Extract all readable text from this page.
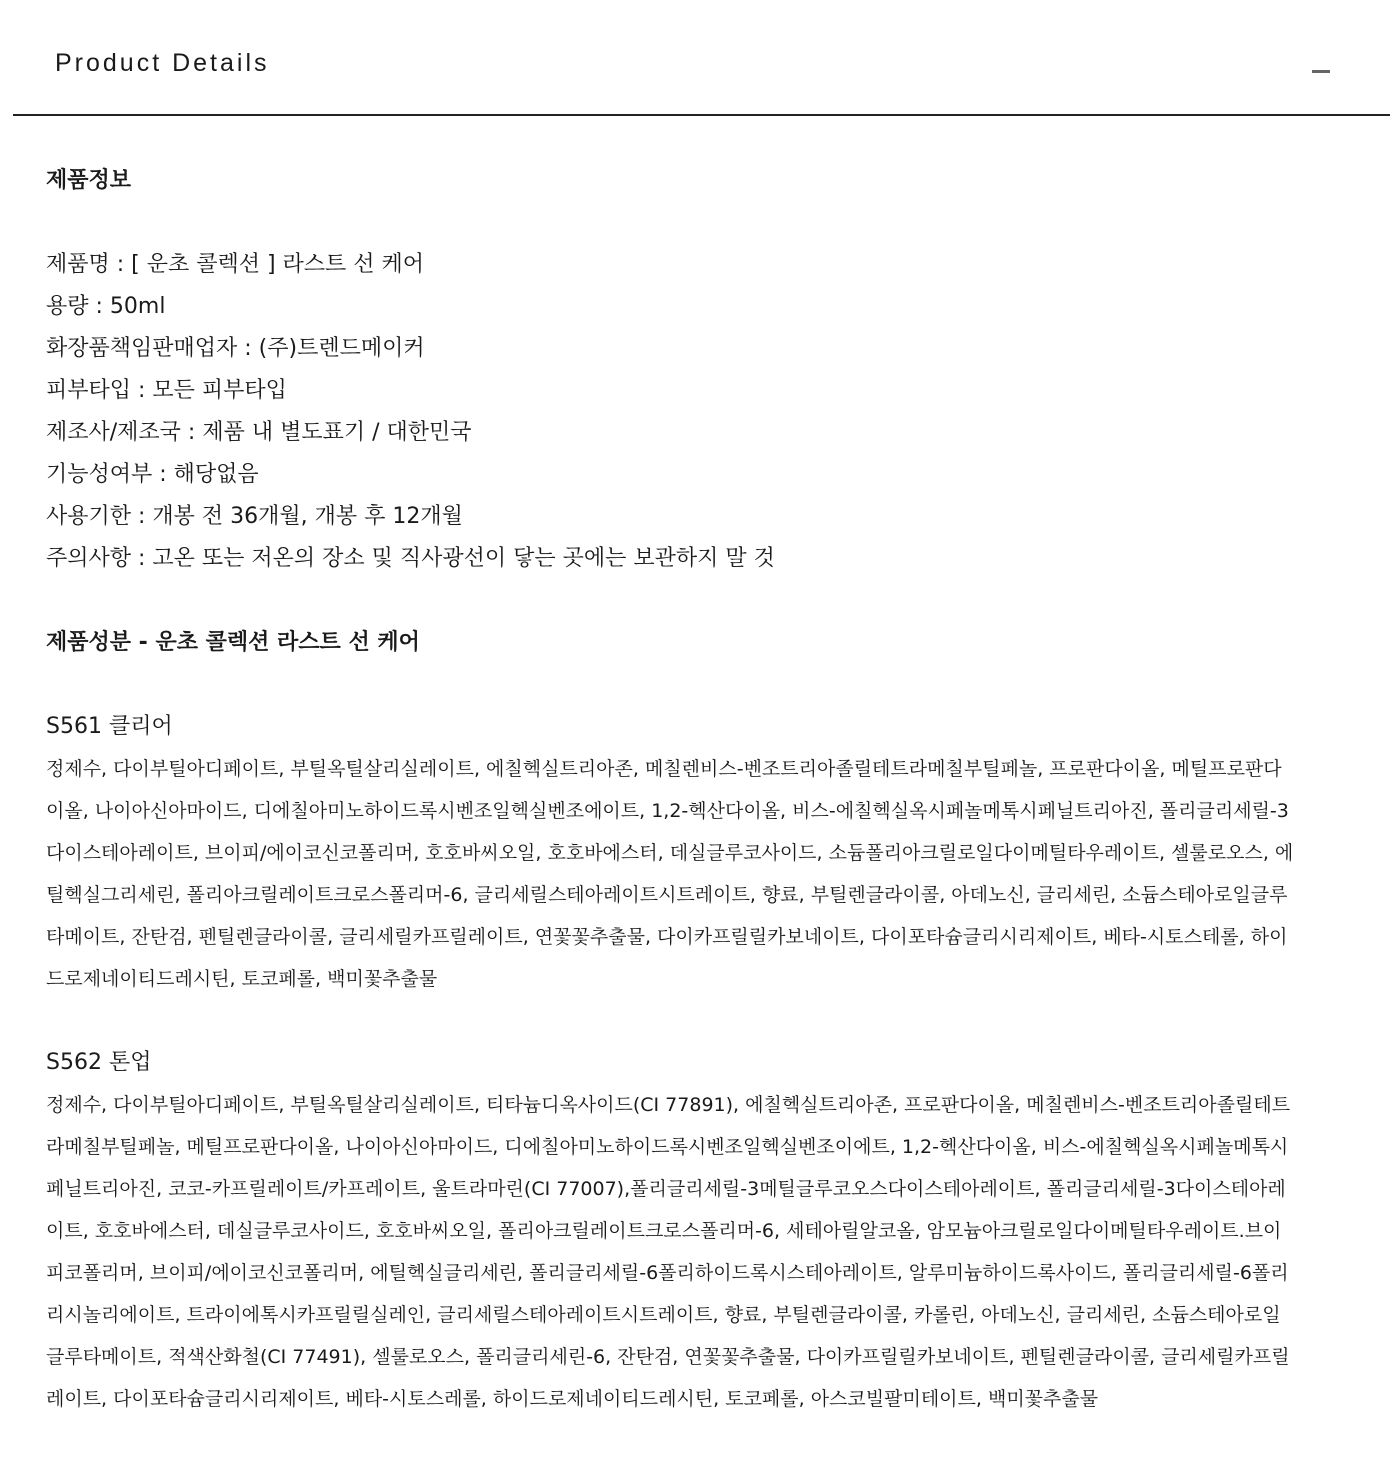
Product Details
제품정보
제품명 : [ 운초 콜렉션 ] 라스트 선 케어
용량 : 50ml
화장품책임판매업자 : (주)트렌드메이커
피부타입 : 모든 피부타입
제조사/제조국 : 제품 내 별도표기 / 대한민국
기능성여부 : 해당없음
사용기한 : 개봉 전 36개월, 개봉 후 12개월
주의사항 : 고온 또는 저온의 장소 및 직사광선이 닿는 곳에는 보관하지 말 것
제품성분 - 운초 콜렉션 라스트 선 케어
S561 클리어

정제수, 다이부틸아디페이트, 부틸옥틸살리실레이트, 에칠헥실트리아존, 메칠렌비스-벤조트리아졸릴테트라메칠부틸페놀, 프로판다이올, 메틸프로판다이올, 나이아신아마이드, 디에칠아미노하이드록시벤조일헥실벤조에이트, 1,2-헥산다이올, 비스-에칠헥실옥시페놀메톡시페닐트리아진, 폴리글리세릴-3다이스테아레이트, 브이피/에이코신코폴리머, 호호바씨오일, 호호바에스터, 데실글루코사이드, 소듐폴리아크릴로일다이메틸타우레이트, 셀룰로오스, 에틸헥실그리세린, 폴리아크릴레이트크로스폴리머-6, 글리세릴스테아레이트시트레이트, 향료, 부틸렌글라이콜, 아데노신, 글리세린, 소듐스테아로일글루타메이트, 잔탄검, 펜틸렌글라이콜, 글리세릴카프릴레이트, 연꽃꽃추출물, 다이카프릴릴카보네이트, 다이포타슘글리시리제이트, 베타-시토스테롤, 하이드로제네이티드레시틴, 토코페롤, 백미꽃추출물

S562 톤업

정제수, 다이부틸아디페이트, 부틸옥틸살리실레이트, 티타늄디옥사이드(CI 77891), 에칠헥실트리아존, 프로판다이올, 메칠렌비스-벤조트리아졸릴테트라메칠부틸페놀, 메틸프로판다이올, 나이아신아마이드, 디에칠아미노하이드록시벤조일헥실벤조이에트, 1,2-헥산다이올, 비스-에칠헥실옥시페놀메톡시페닐트리아진, 코코-카프릴레이트/카프레이트, 울트라마린(CI 77007),폴리글리세릴-3메틸글루코오스다이스테아레이트, 폴리글리세릴-3다이스테아레이트, 호호바에스터, 데실글루코사이드, 호호바씨오일, 폴리아크릴레이트크로스폴리머-6, 세테아릴알코올, 암모늄아크릴로일다이메틸타우레이트.브이피코폴리머, 브이피/에이코신코폴리머, 에틸헥실글리세린, 폴리글리세릴-6폴리하이드록시스테아레이트, 알루미늄하이드록사이드, 폴리글리세릴-6폴리리시놀리에이트, 트라이에톡시카프릴릴실레인, 글리세릴스테아레이트시트레이트, 향료, 부틸렌글라이콜, 카롤린, 아데노신, 글리세린, 소듐스테아로일글루타메이트, 적색산화철(CI 77491), 셀룰로오스, 폴리글리세린-6, 잔탄검, 연꽃꽃추출물, 다이카프릴릴카보네이트, 펜틸렌글라이콜, 글리세릴카프릴레이트, 다이포타슘글리시리제이트, 베타-시토스레롤, 하이드로제네이티드레시틴, 토코페롤, 아스코빌팔미테이트, 백미꽃추출물
